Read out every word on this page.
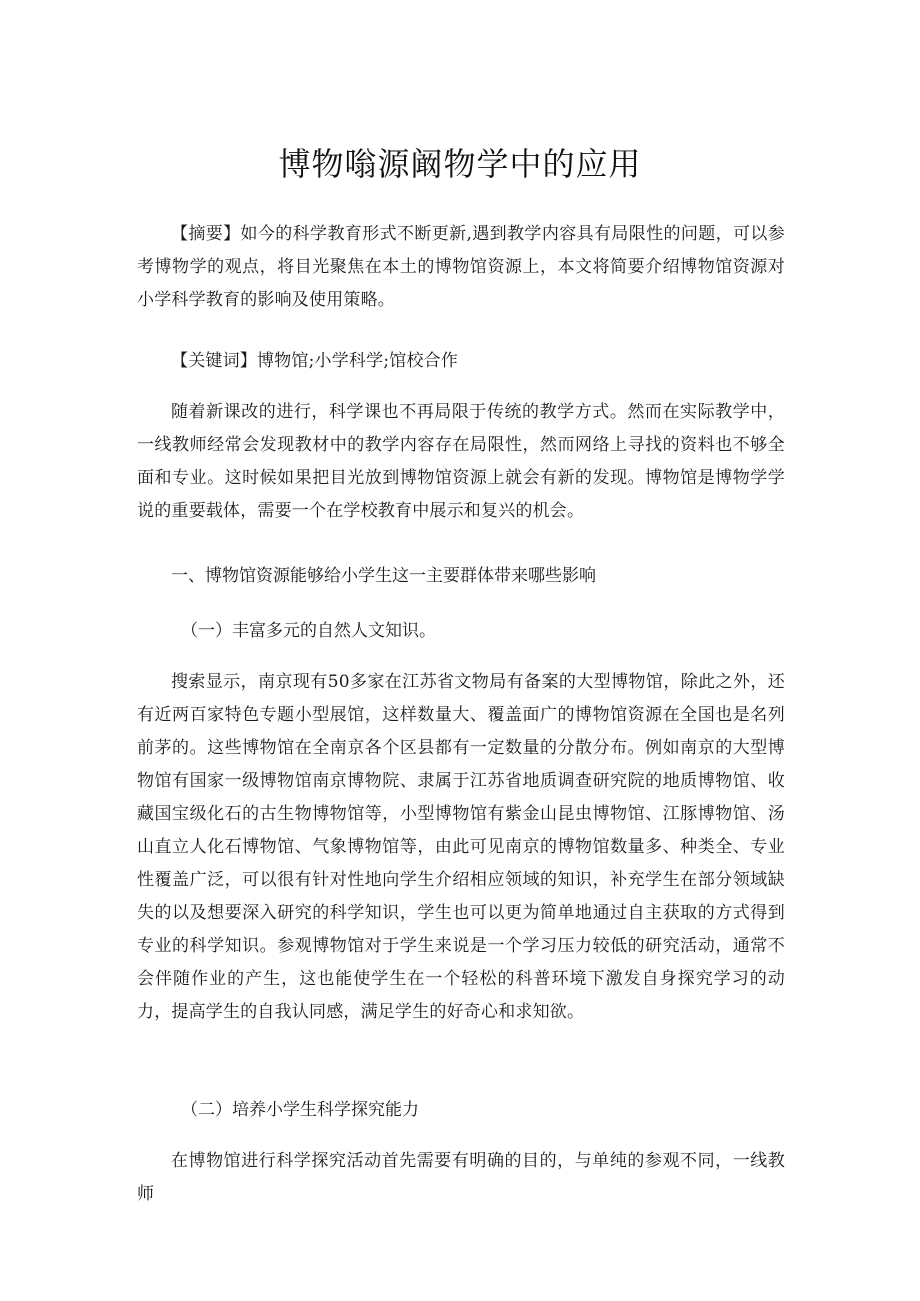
博物嗡源阚物学中的应用

【摘要】如今的科学教育形式不断更新,遇到教学内容具有局限性的问题，可以参考博物学的观点，将目光聚焦在本土的博物馆资源上，本文将简要介绍博物馆资源对小学科学教育的影响及使用策略。

【关键词】博物馆;小学科学;馆校合作

随着新课改的进行，科学课也不再局限于传统的教学方式。然而在实际教学中，一线教师经常会发现教材中的教学内容存在局限性，然而网络上寻找的资料也不够全面和专业。这时候如果把目光放到博物馆资源上就会有新的发现。博物馆是博物学学说的重要载体，需要一个在学校教育中展示和复兴的机会。

一、博物馆资源能够给小学生这一主要群体带来哪些影响

（一）丰富多元的自然人文知识。

搜索显示，南京现有50多家在江苏省文物局有备案的大型博物馆，除此之外，还有近两百家特色专题小型展馆，这样数量大、覆盖面广的博物馆资源在全国也是名列前茅的。这些博物馆在全南京各个区县都有一定数量的分散分布。例如南京的大型博物馆有国家一级博物馆南京博物院、隶属于江苏省地质调查研究院的地质博物馆、收藏国宝级化石的古生物博物馆等，小型博物馆有紫金山昆虫博物馆、江豚博物馆、汤山直立人化石博物馆、气象博物馆等，由此可见南京的博物馆数量多、种类全、专业性覆盖广泛，可以很有针对性地向学生介绍相应领域的知识，补充学生在部分领域缺失的以及想要深入研究的科学知识，学生也可以更为简单地通过自主获取的方式得到专业的科学知识。参观博物馆对于学生来说是一个学习压力较低的研究活动，通常不会伴随作业的产生，这也能使学生在一个轻松的科普环境下激发自身探究学习的动力，提高学生的自我认同感，满足学生的好奇心和求知欲。

（二）培养小学生科学探究能力

在博物馆进行科学探究活动首先需要有明确的目的，与单纯的参观不同，一线教师
